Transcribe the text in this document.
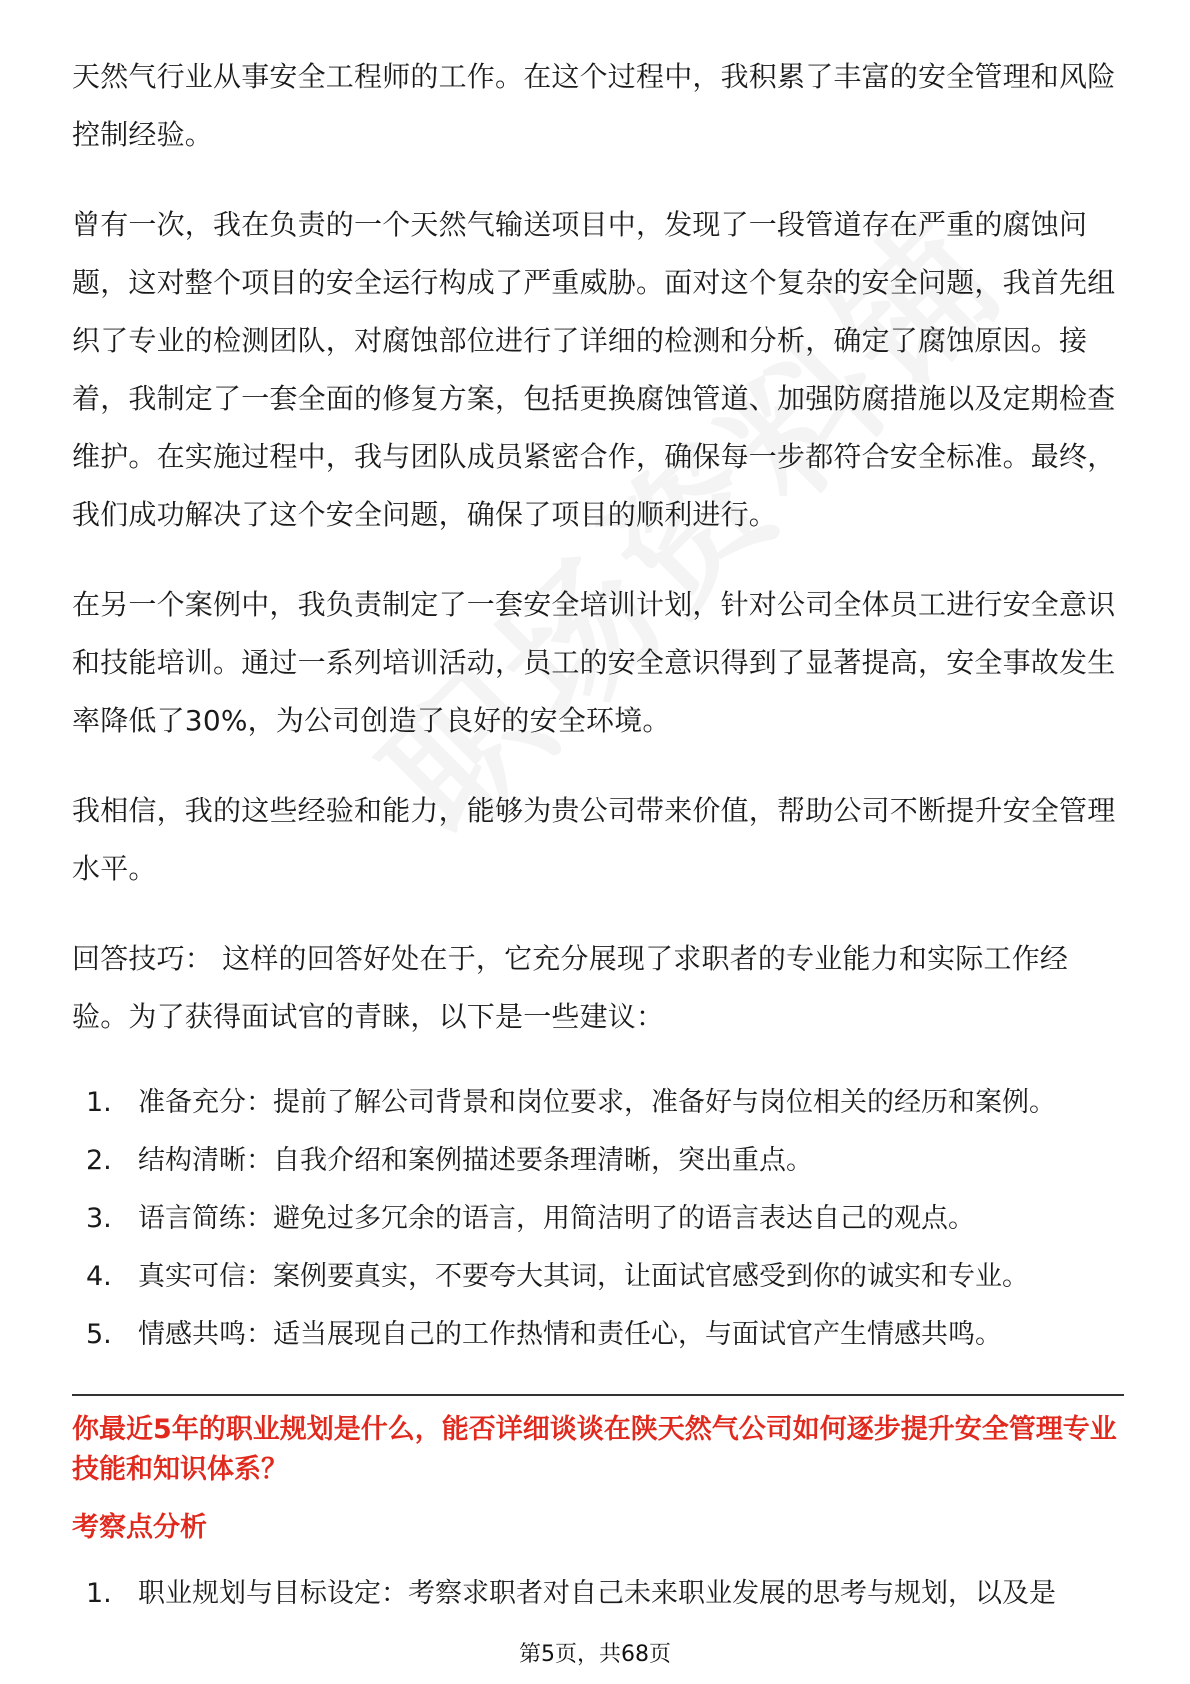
天然气行业从事安全工程师的工作。在这个过程中，我积累了丰富的安全管理和风险控制经验。

曾有一次，我在负责的一个天然气输送项目中，发现了一段管道存在严重的腐蚀问题，这对整个项目的安全运行构成了严重威胁。面对这个复杂的安全问题，我首先组织了专业的检测团队，对腐蚀部位进行了详细的检测和分析，确定了腐蚀原因。接着，我制定了一套全面的修复方案，包括更换腐蚀管道、加强防腐措施以及定期检查维护。在实施过程中，我与团队成员紧密合作，确保每一步都符合安全标准。最终，我们成功解决了这个安全问题，确保了项目的顺利进行。

在另一个案例中，我负责制定了一套安全培训计划，针对公司全体员工进行安全意识和技能培训。通过一系列培训活动，员工的安全意识得到了显著提高，安全事故发生率降低了30%，为公司创造了良好的安全环境。

我相信，我的这些经验和能力，能够为贵公司带来价值，帮助公司不断提升安全管理水平。

回答技巧： 这样的回答好处在于，它充分展现了求职者的专业能力和实际工作经验。为了获得面试官的青睐，以下是一些建议：

1. 准备充分：提前了解公司背景和岗位要求，准备好与岗位相关的经历和案例。
2. 结构清晰：自我介绍和案例描述要条理清晰，突出重点。
3. 语言简练：避免过多冗余的语言，用简洁明了的语言表达自己的观点。
4. 真实可信：案例要真实，不要夸大其词，让面试官感受到你的诚实和专业。
5. 情感共鸣：适当展现自己的工作热情和责任心，与面试官产生情感共鸣。
你最近5年的职业规划是什么，能否详细谈谈在陕天然气公司如何逐步提升安全管理专业技能和知识体系？
考察点分析
1. 职业规划与目标设定：考察求职者对自己未来职业发展的思考与规划，以及是
第5页，共68页
